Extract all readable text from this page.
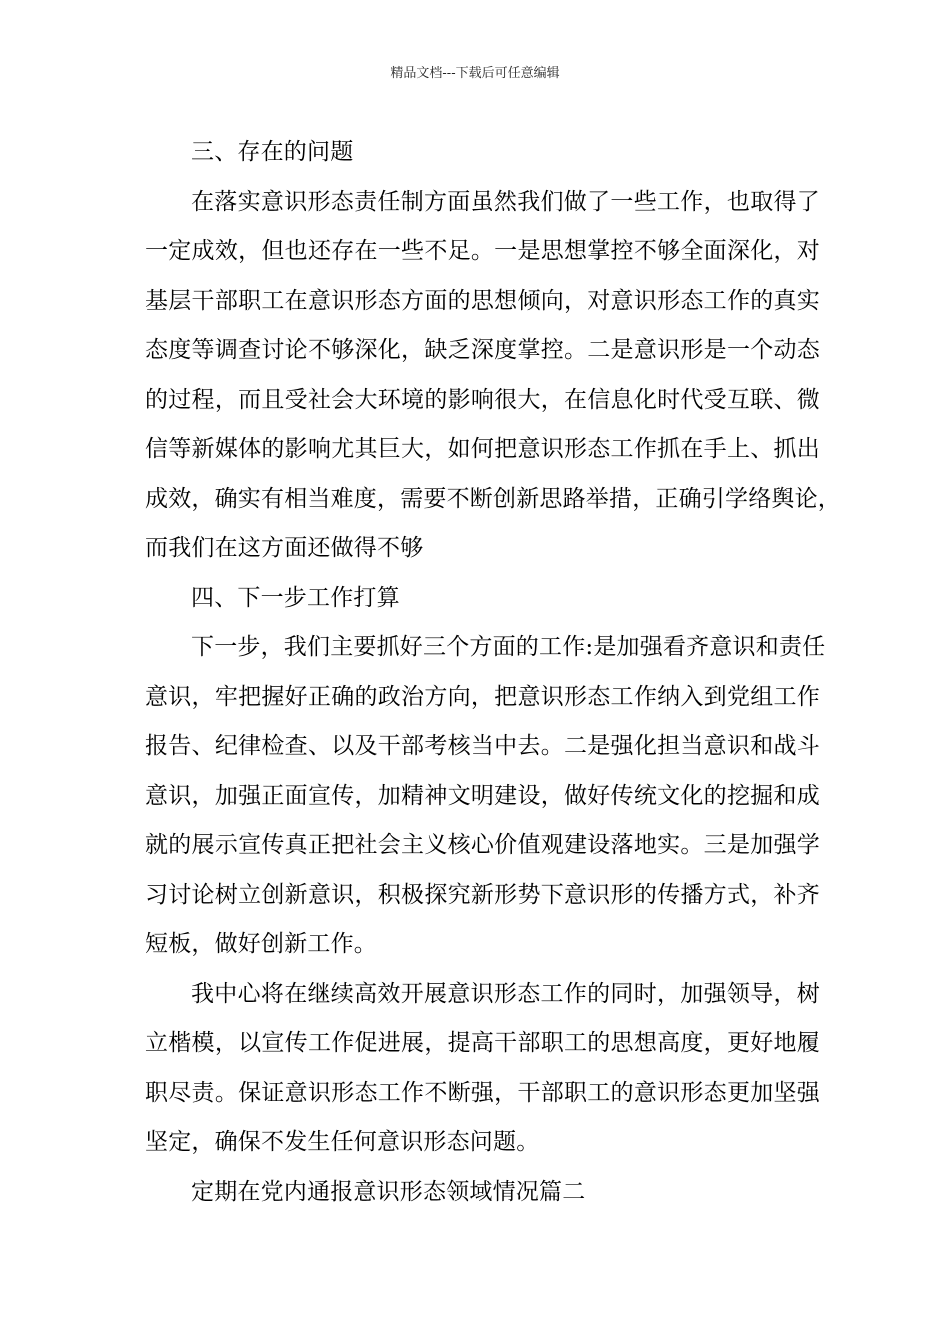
精品文档---下载后可任意编辑
三、存在的问题
在落实意识形态责任制方面虽然我们做了一些工作，也取得了
一定成效，但也还存在一些不足。一是思想掌控不够全面深化，对
基层干部职工在意识形态方面的思想倾向，对意识形态工作的真实
态度等调查讨论不够深化，缺乏深度掌控。二是意识形是一个动态
的过程，而且受社会大环境的影响很大，在信息化时代受互联、微
信等新媒体的影响尤其巨大，如何把意识形态工作抓在手上、抓出
成效，确实有相当难度，需要不断创新思路举措，正确引学络舆论，
而我们在这方面还做得不够
四、下一步工作打算
下一步，我们主要抓好三个方面的工作:是加强看齐意识和责任
意识，牢把握好正确的政治方向，把意识形态工作纳入到党组工作
报告、纪律检查、以及干部考核当中去。二是强化担当意识和战斗
意识，加强正面宣传，加精神文明建设，做好传统文化的挖掘和成
就的展示宣传真正把社会主义核心价值观建设落地实。三是加强学
习讨论树立创新意识，积极探究新形势下意识形的传播方式，补齐
短板，做好创新工作。
我中心将在继续高效开展意识形态工作的同时，加强领导，树
立楷模，以宣传工作促进展，提高干部职工的思想高度，更好地履
职尽责。保证意识形态工作不断强，干部职工的意识形态更加坚强
坚定，确保不发生任何意识形态问题。
定期在党内通报意识形态领域情况篇二
